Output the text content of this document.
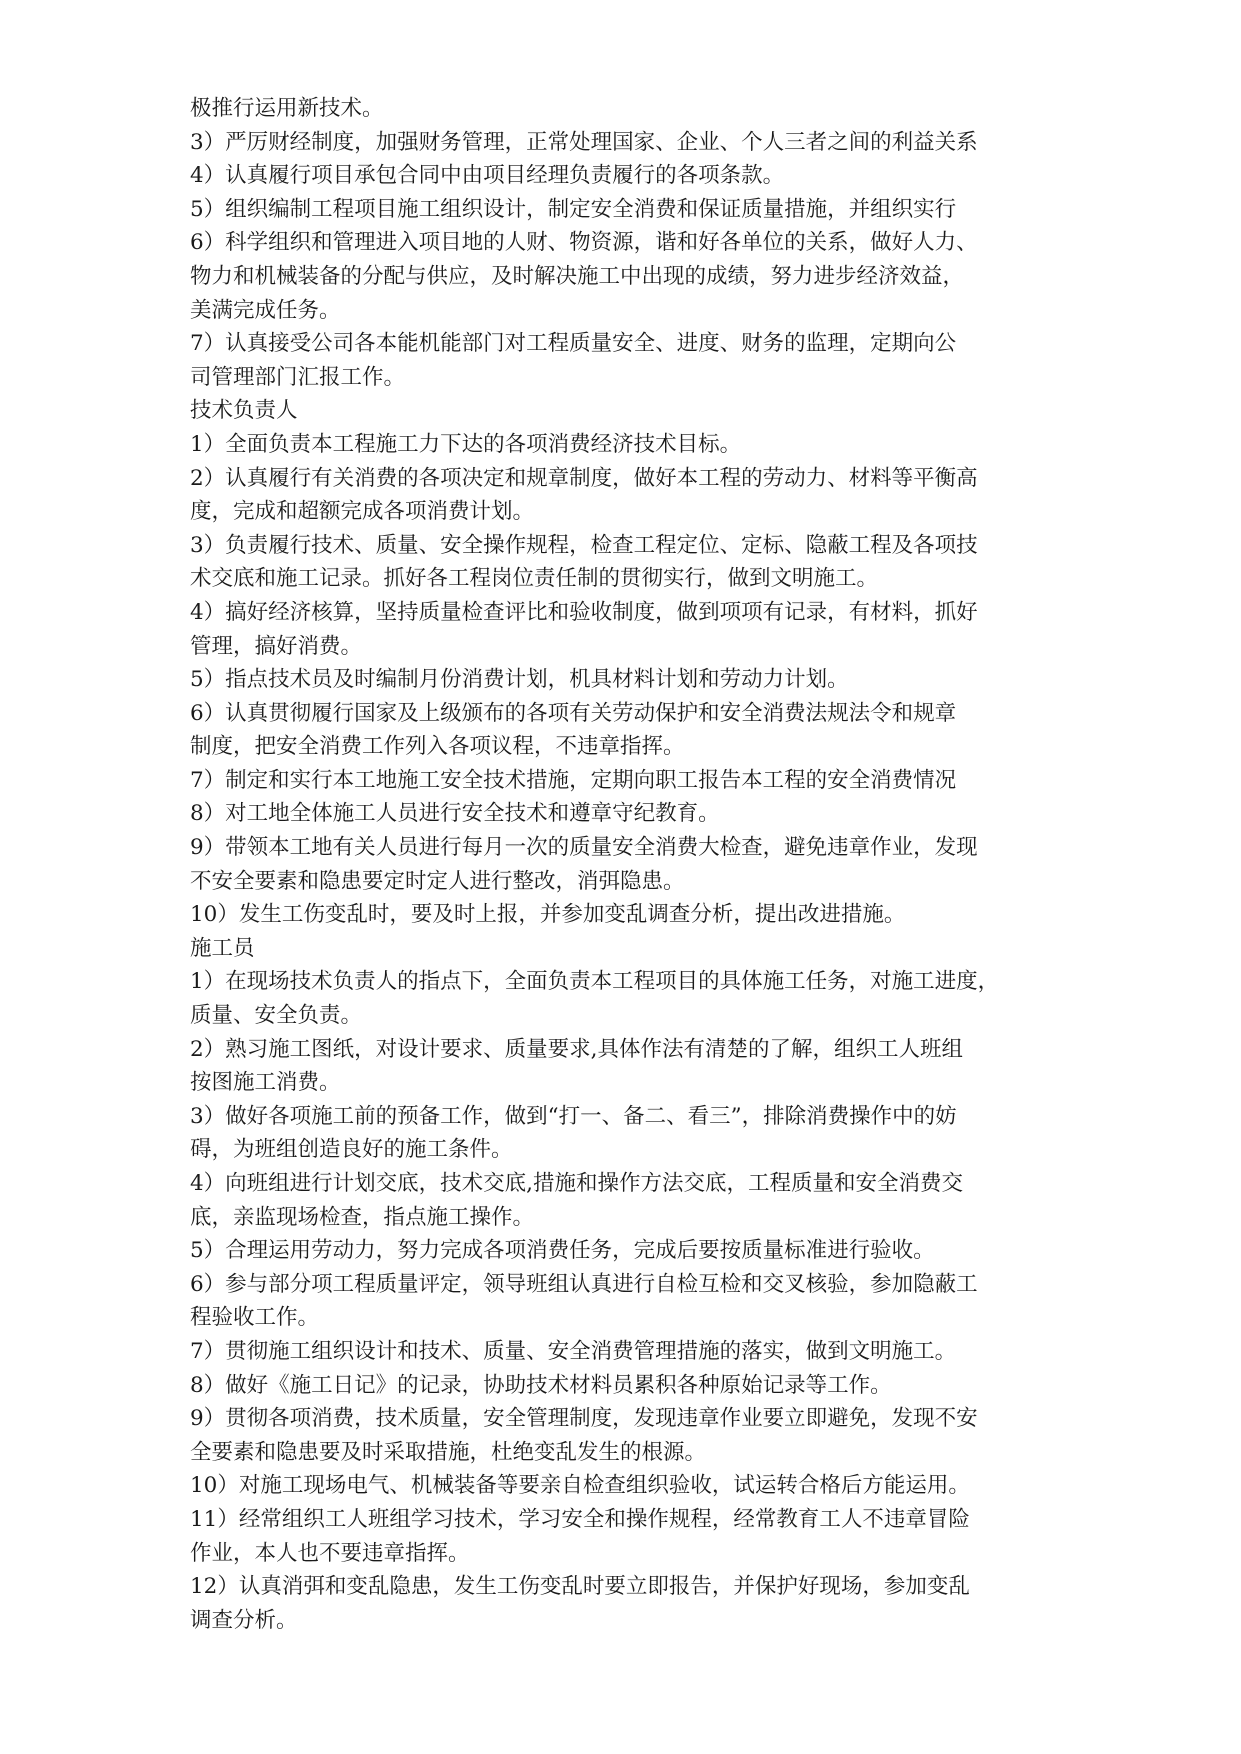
极推行运用新技术。
3）严厉财经制度，加强财务管理，正常处理国家、企业、个人三者之间的利益关系
4）认真履行项目承包合同中由项目经理负责履行的各项条款。
5）组织编制工程项目施工组织设计，制定安全消费和保证质量措施，并组织实行
6）科学组织和管理进入项目地的人财、物资源，谐和好各单位的关系，做好人力、
物力和机械装备的分配与供应，及时解决施工中出现的成绩，努力进步经济效益，
美满完成任务。
7）认真接受公司各本能机能部门对工程质量安全、进度、财务的监理，定期向公
司管理部门汇报工作。
技术负责人
1）全面负责本工程施工力下达的各项消费经济技术目标。
2）认真履行有关消费的各项决定和规章制度，做好本工程的劳动力、材料等平衡高
度，完成和超额完成各项消费计划。
3）负责履行技术、质量、安全操作规程，检查工程定位、定标、隐蔽工程及各项技
术交底和施工记录。抓好各工程岗位责任制的贯彻实行，做到文明施工。
4）搞好经济核算，坚持质量检查评比和验收制度，做到项项有记录，有材料，抓好
管理，搞好消费。
5）指点技术员及时编制月份消费计划，机具材料计划和劳动力计划。
6）认真贯彻履行国家及上级颁布的各项有关劳动保护和安全消费法规法令和规章
制度，把安全消费工作列入各项议程，不违章指挥。
7）制定和实行本工地施工安全技术措施，定期向职工报告本工程的安全消费情况
8）对工地全体施工人员进行安全技术和遵章守纪教育。
9）带领本工地有关人员进行每月一次的质量安全消费大检查，避免违章作业，发现
不安全要素和隐患要定时定人进行整改，消弭隐患。
10）发生工伤变乱时，要及时上报，并参加变乱调查分析，提出改进措施。
施工员
1）在现场技术负责人的指点下，全面负责本工程项目的具体施工任务，对施工进度，
质量、安全负责。
2）熟习施工图纸，对设计要求、质量要求,具体作法有清楚的了解，组织工人班组
按图施工消费。
3）做好各项施工前的预备工作，做到“打一、备二、看三”，排除消费操作中的妨
碍，为班组创造良好的施工条件。
4）向班组进行计划交底，技术交底,措施和操作方法交底，工程质量和安全消费交
底，亲监现场检查，指点施工操作。
5）合理运用劳动力，努力完成各项消费任务，完成后要按质量标准进行验收。
6）参与部分项工程质量评定，领导班组认真进行自检互检和交叉核验，参加隐蔽工
程验收工作。
7）贯彻施工组织设计和技术、质量、安全消费管理措施的落实，做到文明施工。
8）做好《施工日记》的记录，协助技术材料员累积各种原始记录等工作。
9）贯彻各项消费，技术质量，安全管理制度，发现违章作业要立即避免，发现不安
全要素和隐患要及时采取措施，杜绝变乱发生的根源。
10）对施工现场电气、机械装备等要亲自检查组织验收，试运转合格后方能运用。
11）经常组织工人班组学习技术，学习安全和操作规程，经常教育工人不违章冒险
作业，本人也不要违章指挥。
12）认真消弭和变乱隐患，发生工伤变乱时要立即报告，并保护好现场，参加变乱
调查分析。
